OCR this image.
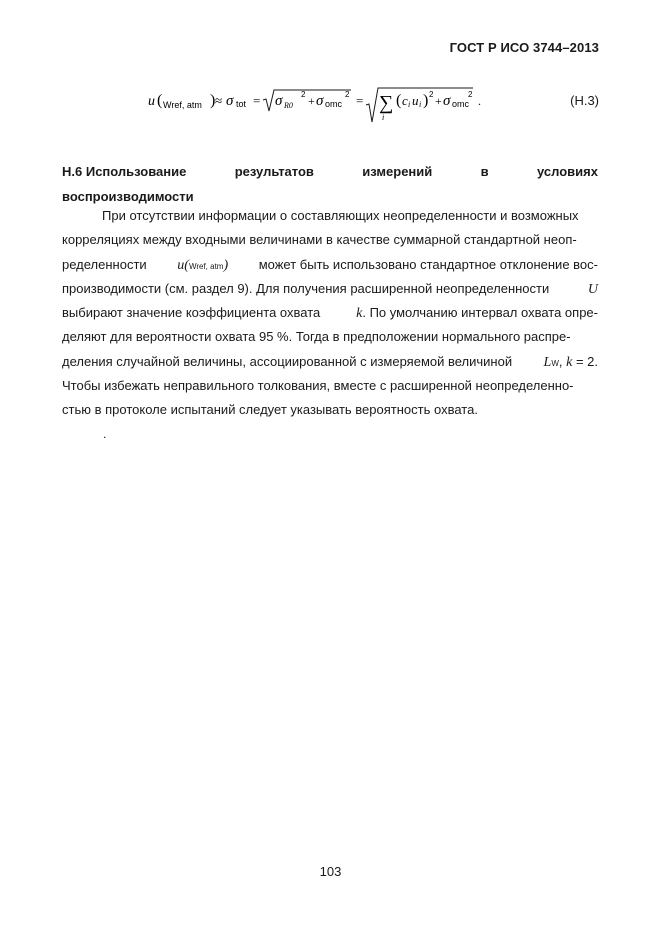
ГОСТ Р ИСО 3744–2013
u ( Wref, atm ) ≈ σ tot = σ R0
2 + σ omc
2 = ∑
i
( c i u i ) 2 + σ omc
2 .	(Н.3)
Н.6 Использование	результатов	измерений	в	условиях
воспроизводимости
При отсутствии информации о составляющих неопределенности и возможных
корреляциях между входными величинами в качестве суммарной стандартной неоп-
ределенности u(Wref, atm) может быть использовано стандартное отклонение вос-
производимости (см. раздел 9). Для получения расширенной неопределенности	U
выбирают значение коэффициента охвата	k. По умолчанию интервал охвата опре-
деляют для вероятности охвата 95 %. Тогда в предположении нормального распре-
деления случайной величины, ассоциированной с измеряемой величиной LW, k = 2.
Чтобы избежать неправильного толкования, вместе с расширенной неопределенно-
стью в протоколе испытаний следует указывать вероятность охвата.
.
103
